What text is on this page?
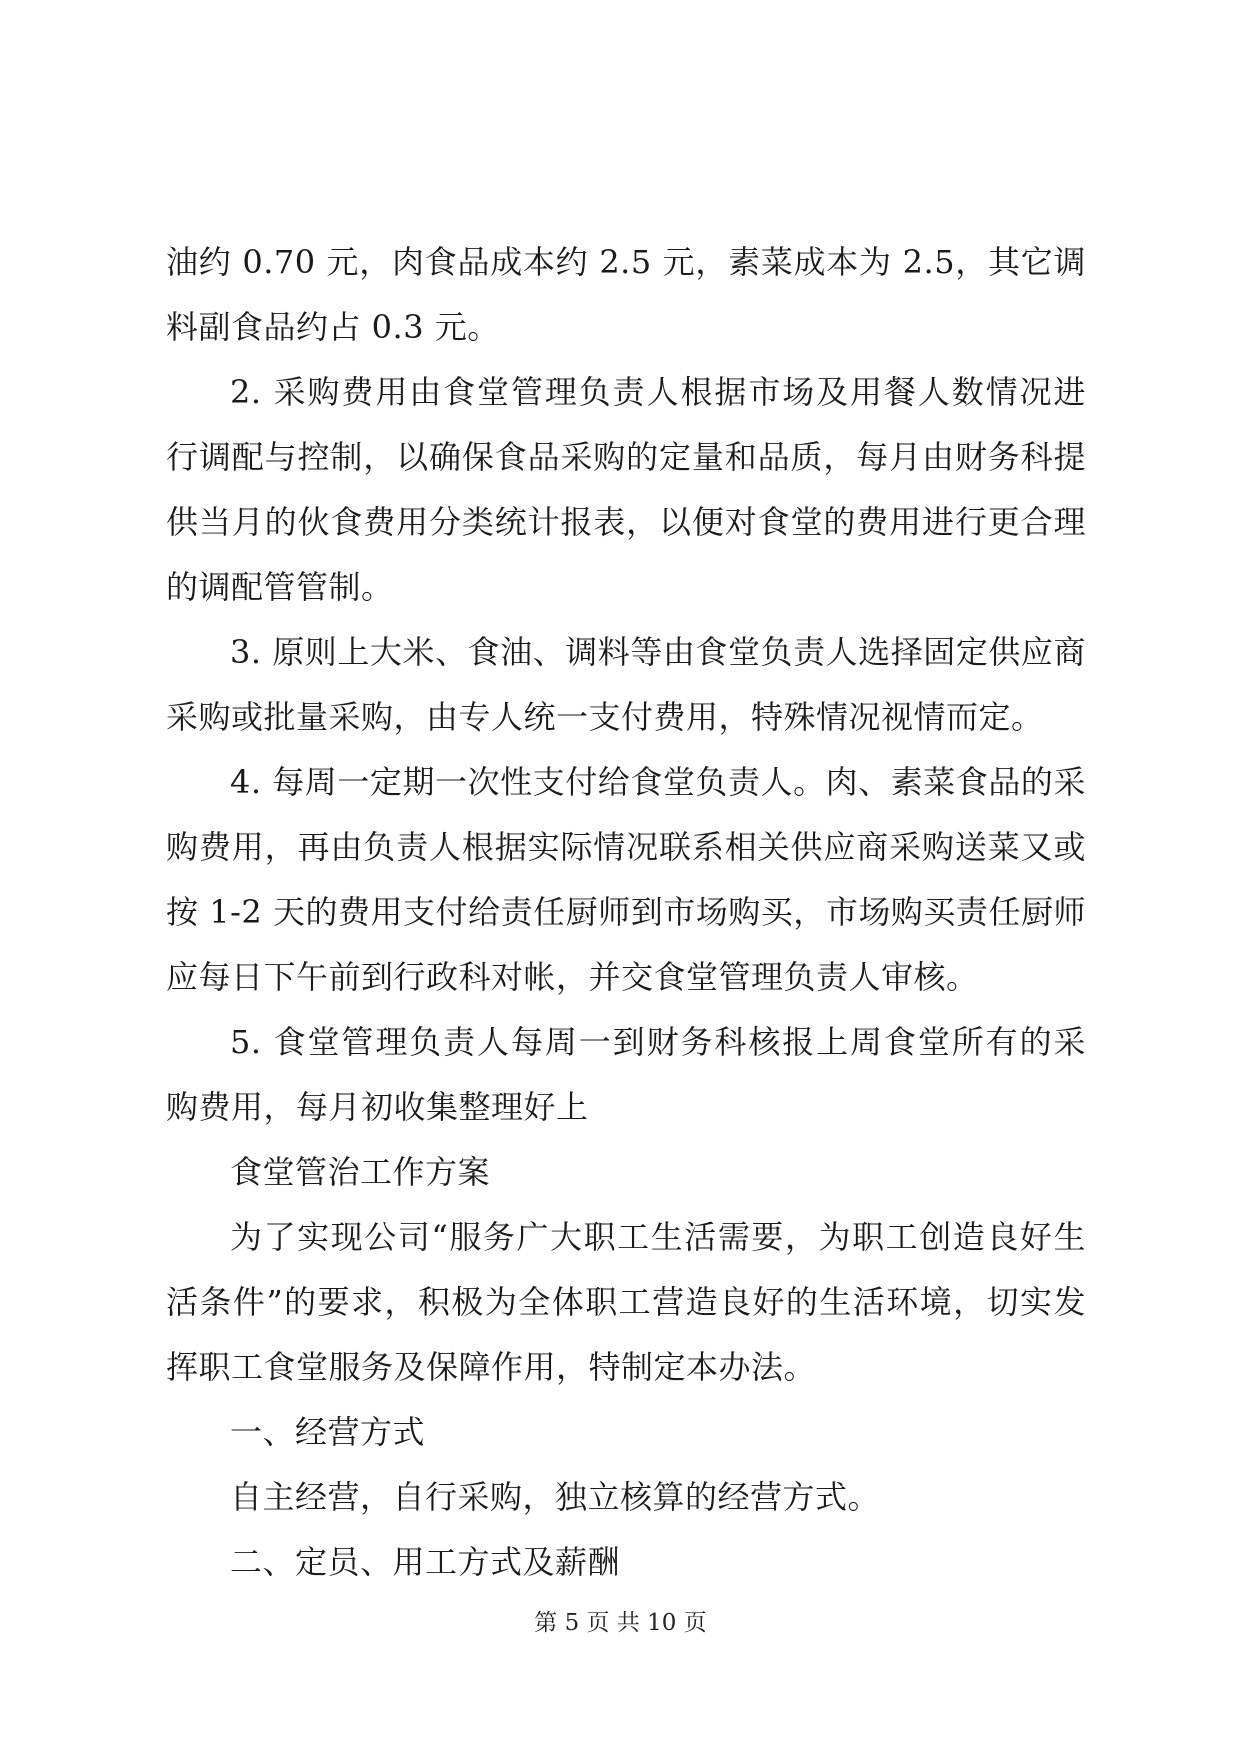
油约 0.70 元，肉食品成本约 2.5 元，素菜成本为 2.5，其它调
料副食品约占 0.3 元。
2. 采购费用由食堂管理负责人根据市场及用餐人数情况进
行调配与控制，以确保食品采购的定量和品质，每月由财务科提
供当月的伙食费用分类统计报表，以便对食堂的费用进行更合理
的调配管管制。
3. 原则上大米、食油、调料等由食堂负责人选择固定供应商
采购或批量采购，由专人统一支付费用，特殊情况视情而定。
4. 每周一定期一次性支付给食堂负责人。肉、素菜食品的采
购费用，再由负责人根据实际情况联系相关供应商采购送菜又或
按 1-2 天的费用支付给责任厨师到市场购买，市场购买责任厨师
应每日下午前到行政科对帐，并交食堂管理负责人审核。
5. 食堂管理负责人每周一到财务科核报上周食堂所有的采
购费用，每月初收集整理好上
食堂管治工作方案
为了实现公司“服务广大职工生活需要，为职工创造良好生
活条件”的要求，积极为全体职工营造良好的生活环境，切实发
挥职工食堂服务及保障作用，特制定本办法。
一、经营方式
自主经营，自行采购，独立核算的经营方式。
二、定员、用工方式及薪酬
第 5 页 共 10 页
